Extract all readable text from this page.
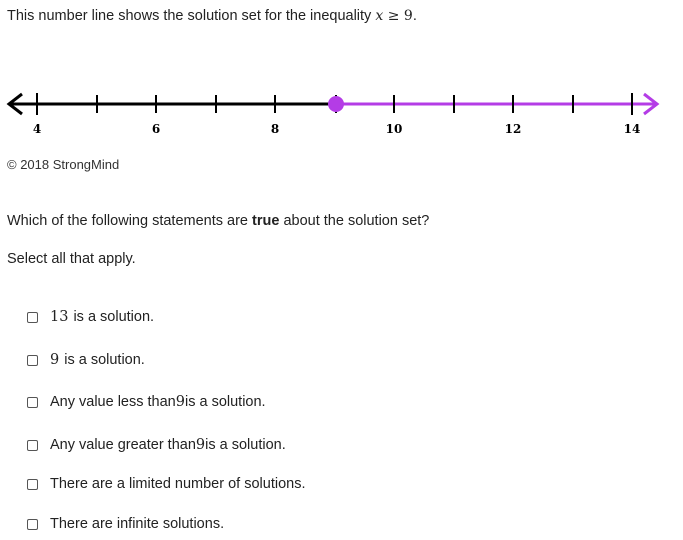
This number line shows the solution set for the inequality x ≥ 9.
4	6	8	10	12	14
© 2018 StrongMind
Which of the following statements are true about the solution set?
Select all that apply.
13 is a solution.
9 is a solution.
Any value less than 9 is a solution.
Any value greater than 9 is a solution.
There are a limited number of solutions.
There are infinite solutions.
